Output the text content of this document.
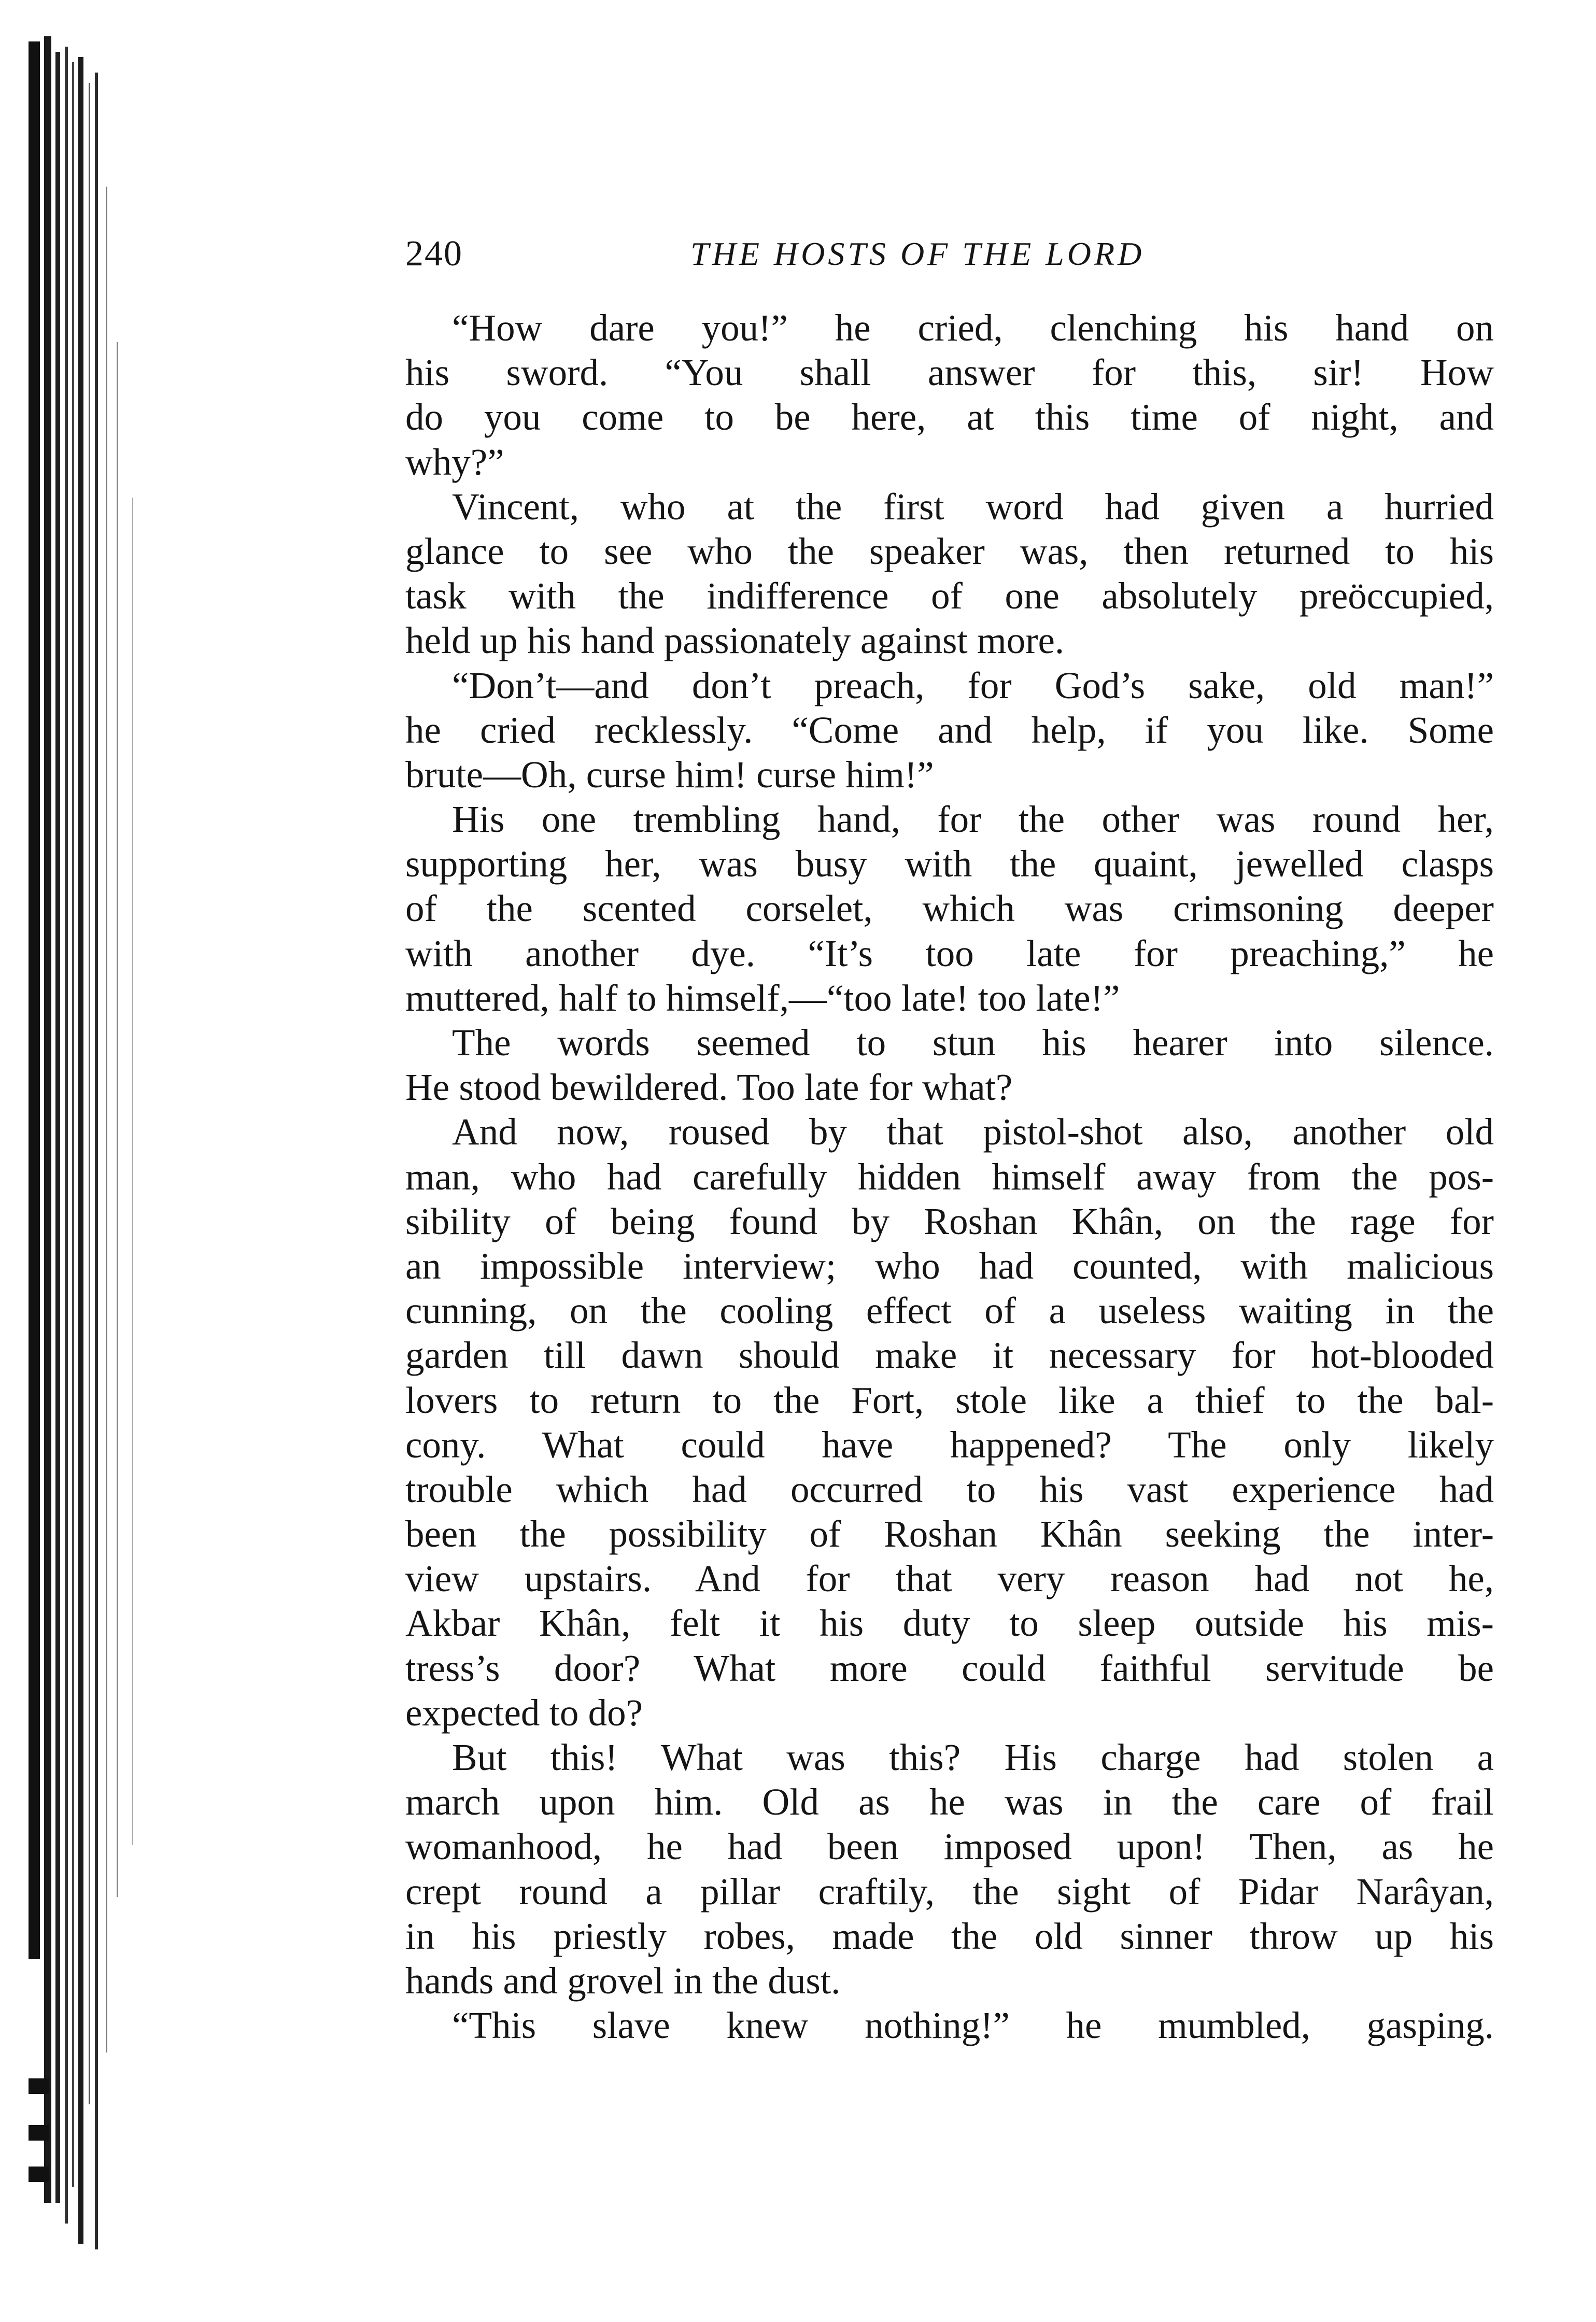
240	THE HOSTS OF THE LORD
“How dare you!” he cried, clenching his hand on
his sword. “You shall answer for this, sir! How
do you come to be here, at this time of night, and
why?”
Vincent, who at the first word had given a hurried
glance to see who the speaker was, then returned to his
task with the indifference of one absolutely preöccupied,
held up his hand passionately against more.
“Don’t—and don’t preach, for God’s sake, old man!”
he cried recklessly. “Come and help, if you like. Some
brute—Oh, curse him! curse him!”
His one trembling hand, for the other was round her,
supporting her, was busy with the quaint, jewelled clasps
of the scented corselet, which was crimsoning deeper
with another dye. “It’s too late for preaching,” he
muttered, half to himself,—“too late! too late!”
The words seemed to stun his hearer into silence.
He stood bewildered. Too late for what?
And now, roused by that pistol-shot also, another old
man, who had carefully hidden himself away from the pos-
sibility of being found by Roshan Khân, on the rage for
an impossible interview; who had counted, with malicious
cunning, on the cooling effect of a useless waiting in the
garden till dawn should make it necessary for hot-blooded
lovers to return to the Fort, stole like a thief to the bal-
cony. What could have happened? The only likely
trouble which had occurred to his vast experience had
been the possibility of Roshan Khân seeking the inter-
view upstairs. And for that very reason had not he,
Akbar Khân, felt it his duty to sleep outside his mis-
tress’s door? What more could faithful servitude be
expected to do?
But this! What was this? His charge had stolen a
march upon him. Old as he was in the care of frail
womanhood, he had been imposed upon! Then, as he
crept round a pillar craftily, the sight of Pidar Narâyan,
in his priestly robes, made the old sinner throw up his
hands and grovel in the dust.
“This slave knew nothing!” he mumbled, gasping.
